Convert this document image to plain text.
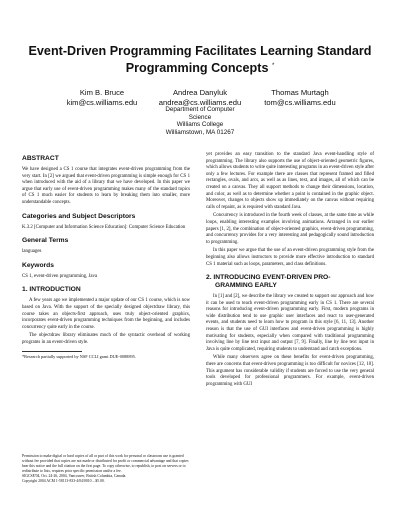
Event-Driven Programming Facilitates Learning Standard
Programming Concepts *
Kim B. Bruce
kim@cs.williams.edu
Andrea Danyluk
andrea@cs.williams.edu
Thomas Murtagh
tom@cs.williams.edu
Department of Computer
Science
Williams College
Williamstown, MA 01267
ABSTRACT

We have designed a CS 1 course that integrates event-driven programming from the very start. In [2] we argued that event-driven programming is simple enough for CS 1 when introduced with the aid of a library that we have developed. In this paper we argue that early use of event-driven programming makes many of the standard topics of CS 1 much easier for students to learn by breaking them into smaller, more understandable concepts.

Categories and Subject Descriptors

K.3.2 [Computer and Information Science Education]: Computer Science Education

General Terms

languages

Keywords

CS 1, event-driven programming, Java

1. INTRODUCTION

A few years ago we implemented a major update of our CS 1 course, which is now based on Java. With the support of the specially designed objectdraw library, this course takes an objects-first approach, uses truly object-oriented graphics, incorporates event-driven programming techniques from the beginning, and includes concurrency quite early in the course.

The objectdraw library eliminates much of the syntactic overhead of working programs in an event-driven style.

*Research partially supported by NSF CCLI grant DUE-0088895.

Permission to make digital or hard copies of all or part of this work for personal or classroom use is granted without fee provided that copies are not made or distributed for profit or commercial advantage and that copies bear this notice and the full citation on the first page. To copy otherwise, to republish, to post on servers or to redistribute to lists, requires prior specific permission and/or a fee.

SIGCSE'04, Oct. 24-26, 2004, Vancouver, British Columbia, Canada.

Copyright 2004 ACM 1-58113-833-4/04/0010 ...$5.00.

yet provides an easy transition to the standard Java event-handling style of programming. The library also supports the use of object-oriented geometric figures, which allows students to write quite interesting programs in an event-driven style after only a few lectures. For example there are classes that represent framed and filled rectangles, ovals, and arcs, as well as as lines, text, and images, all of which can be created on a canvas. They all support methods to change their dimensions, location, and color, as well as to determine whether a point is contained in the graphic object. Moreover, changes to objects show up immediately on the canvas without requiring calls of repaint, as is required with standard Java.

Concurrency is introduced in the fourth week of classes, at the same time as while loops, enabling interesting examples involving animations. Arranged in our earlier papers [1, 2], the combination of object-oriented graphics, event-driven programming, and concurrency provides for a very interesting and pedagogically sound introduction to programming.

In this paper we argue that the use of an event-driven programming style from the beginning also allows instructors to provide more effective introduction to standard CS 1 material such as loops, parameters, and class definitions.

2. INTRODUCING EVENT-DRIVEN PRO-
GRAMMING EARLY

In [1] and [2], we describe the library we created to support our approach and how it can be used to teach event-driven programming early in CS 1. There are several reasons for introducing event-driven programming early. First, modern programs in wide distribution tend to use graphic user interfaces and react to user-generated events, and students need to learn how to program in this style [6, 11, 13]. Another reason is that the use of GUI interfaces and event-driven programming is highly motivating for students, especially when compared with traditional programming involving line by line text input and output [7, 9]. Finally, line by line text input in Java is quite complicated, requiring students to understand and catch exceptions.

While many observers agree on these benefits for event-driven programming, there are concerns that event-driven programming is too difficult for novices [12, 10]. This argument has considerable validity if students are forced to use the very general tools developed for professional programmers. For example, event-driven programming with GUI
